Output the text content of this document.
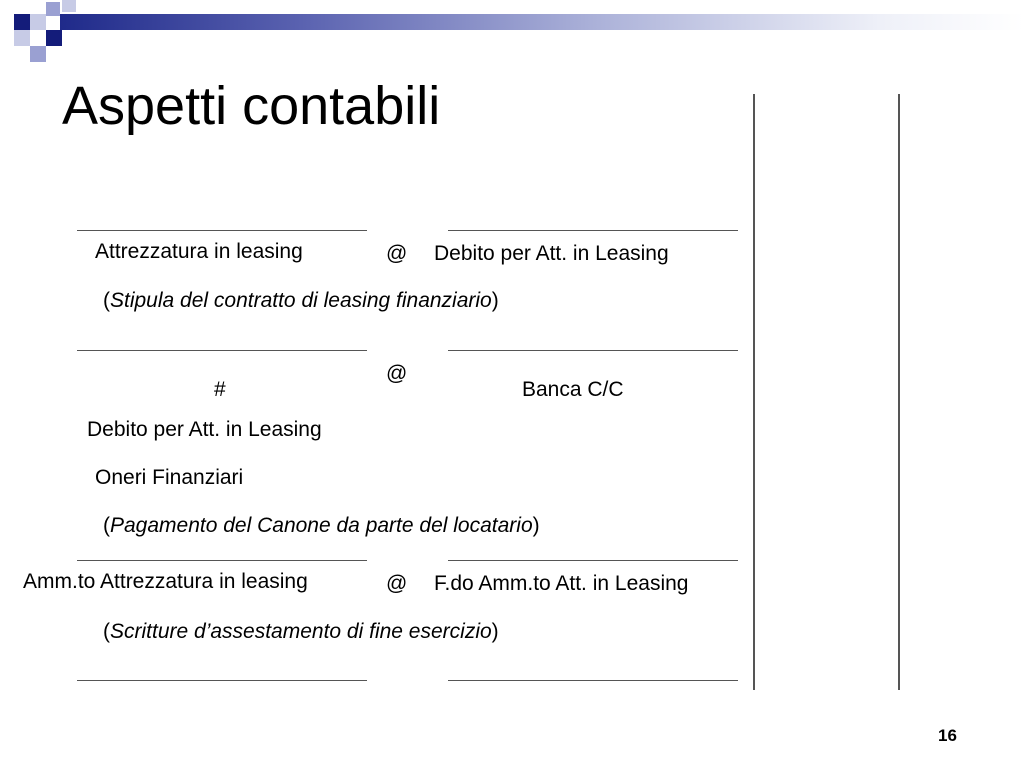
Aspetti contabili
Attrezzatura in leasing	@ Debito per Att. in Leasing
(Stipula del contratto di leasing finanziario)
@
#	Banca C/C
Debito per Att. in Leasing
Oneri Finanziari
(Pagamento del Canone da parte del locatario)
Amm.to Attrezzatura in leasing	@ F.do Amm.to Att. in Leasing
(Scritture d’assestamento di fine esercizio)
16
